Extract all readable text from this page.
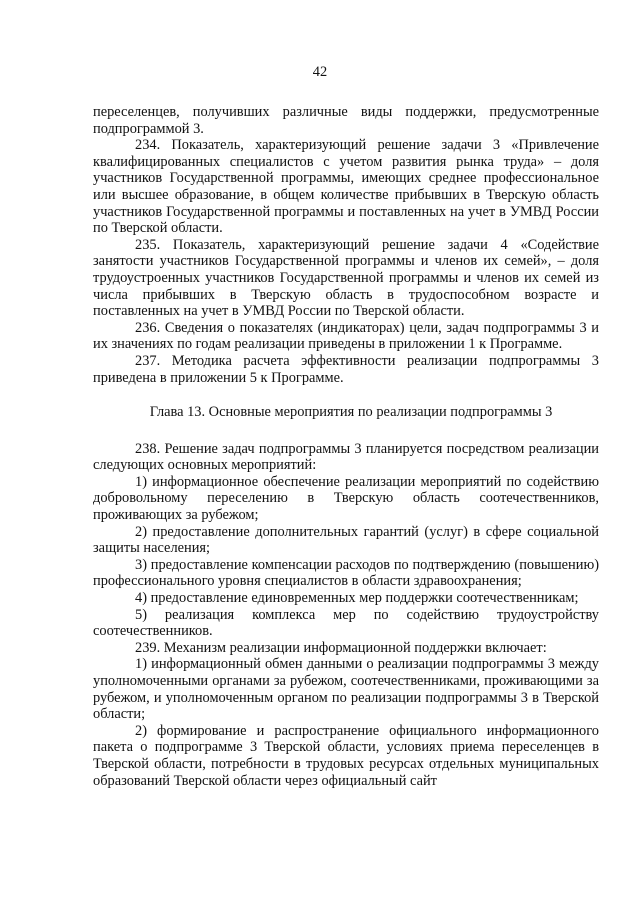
42

переселенцев, получивших различные виды поддержки, предусмотренные подпрограммой 3.

234. Показатель, характеризующий решение задачи 3 «Привлечение квалифицированных специалистов с учетом развития рынка труда» – доля участников Государственной программы, имеющих среднее профессиональное или высшее образование, в общем количестве прибывших в Тверскую область участников Государственной программы и поставленных на учет в УМВД России по Тверской области.

235. Показатель, характеризующий решение задачи 4 «Содействие занятости участников Государственной программы и членов их семей», – доля трудоустроенных участников Государственной программы и членов их семей из числа прибывших в Тверскую область в трудоспособном возрасте и поставленных на учет в УМВД России по Тверской области.

236. Сведения о показателях (индикаторах) цели, задач подпрограммы 3 и их значениях по годам реализации приведены в приложении 1 к Программе.

237. Методика расчета эффективности реализации подпрограммы 3 приведена в приложении 5 к Программе.

Глава 13. Основные мероприятия по реализации подпрограммы 3

238. Решение задач подпрограммы 3 планируется посредством реализации следующих основных мероприятий:

1) информационное обеспечение реализации мероприятий по содействию добровольному переселению в Тверскую область соотечественников, проживающих за рубежом;

2) предоставление дополнительных гарантий (услуг) в сфере социальной защиты населения;

3) предоставление компенсации расходов по подтверждению (повышению) профессионального уровня специалистов в области здравоохранения;

4) предоставление единовременных мер поддержки соотечественникам;

5) реализация комплекса мер по содействию трудоустройству соотечественников.

239. Механизм реализации информационной поддержки включает:

1) информационный обмен данными о реализации подпрограммы 3 между уполномоченными органами за рубежом, соотечественниками, проживающими за рубежом, и уполномоченным органом по реализации подпрограммы 3 в Тверской области;

2) формирование и распространение официального информационного пакета о подпрограмме 3 Тверской области, условиях приема переселенцев в Тверской области, потребности в трудовых ресурсах отдельных муниципальных образований Тверской области через официальный сайт
